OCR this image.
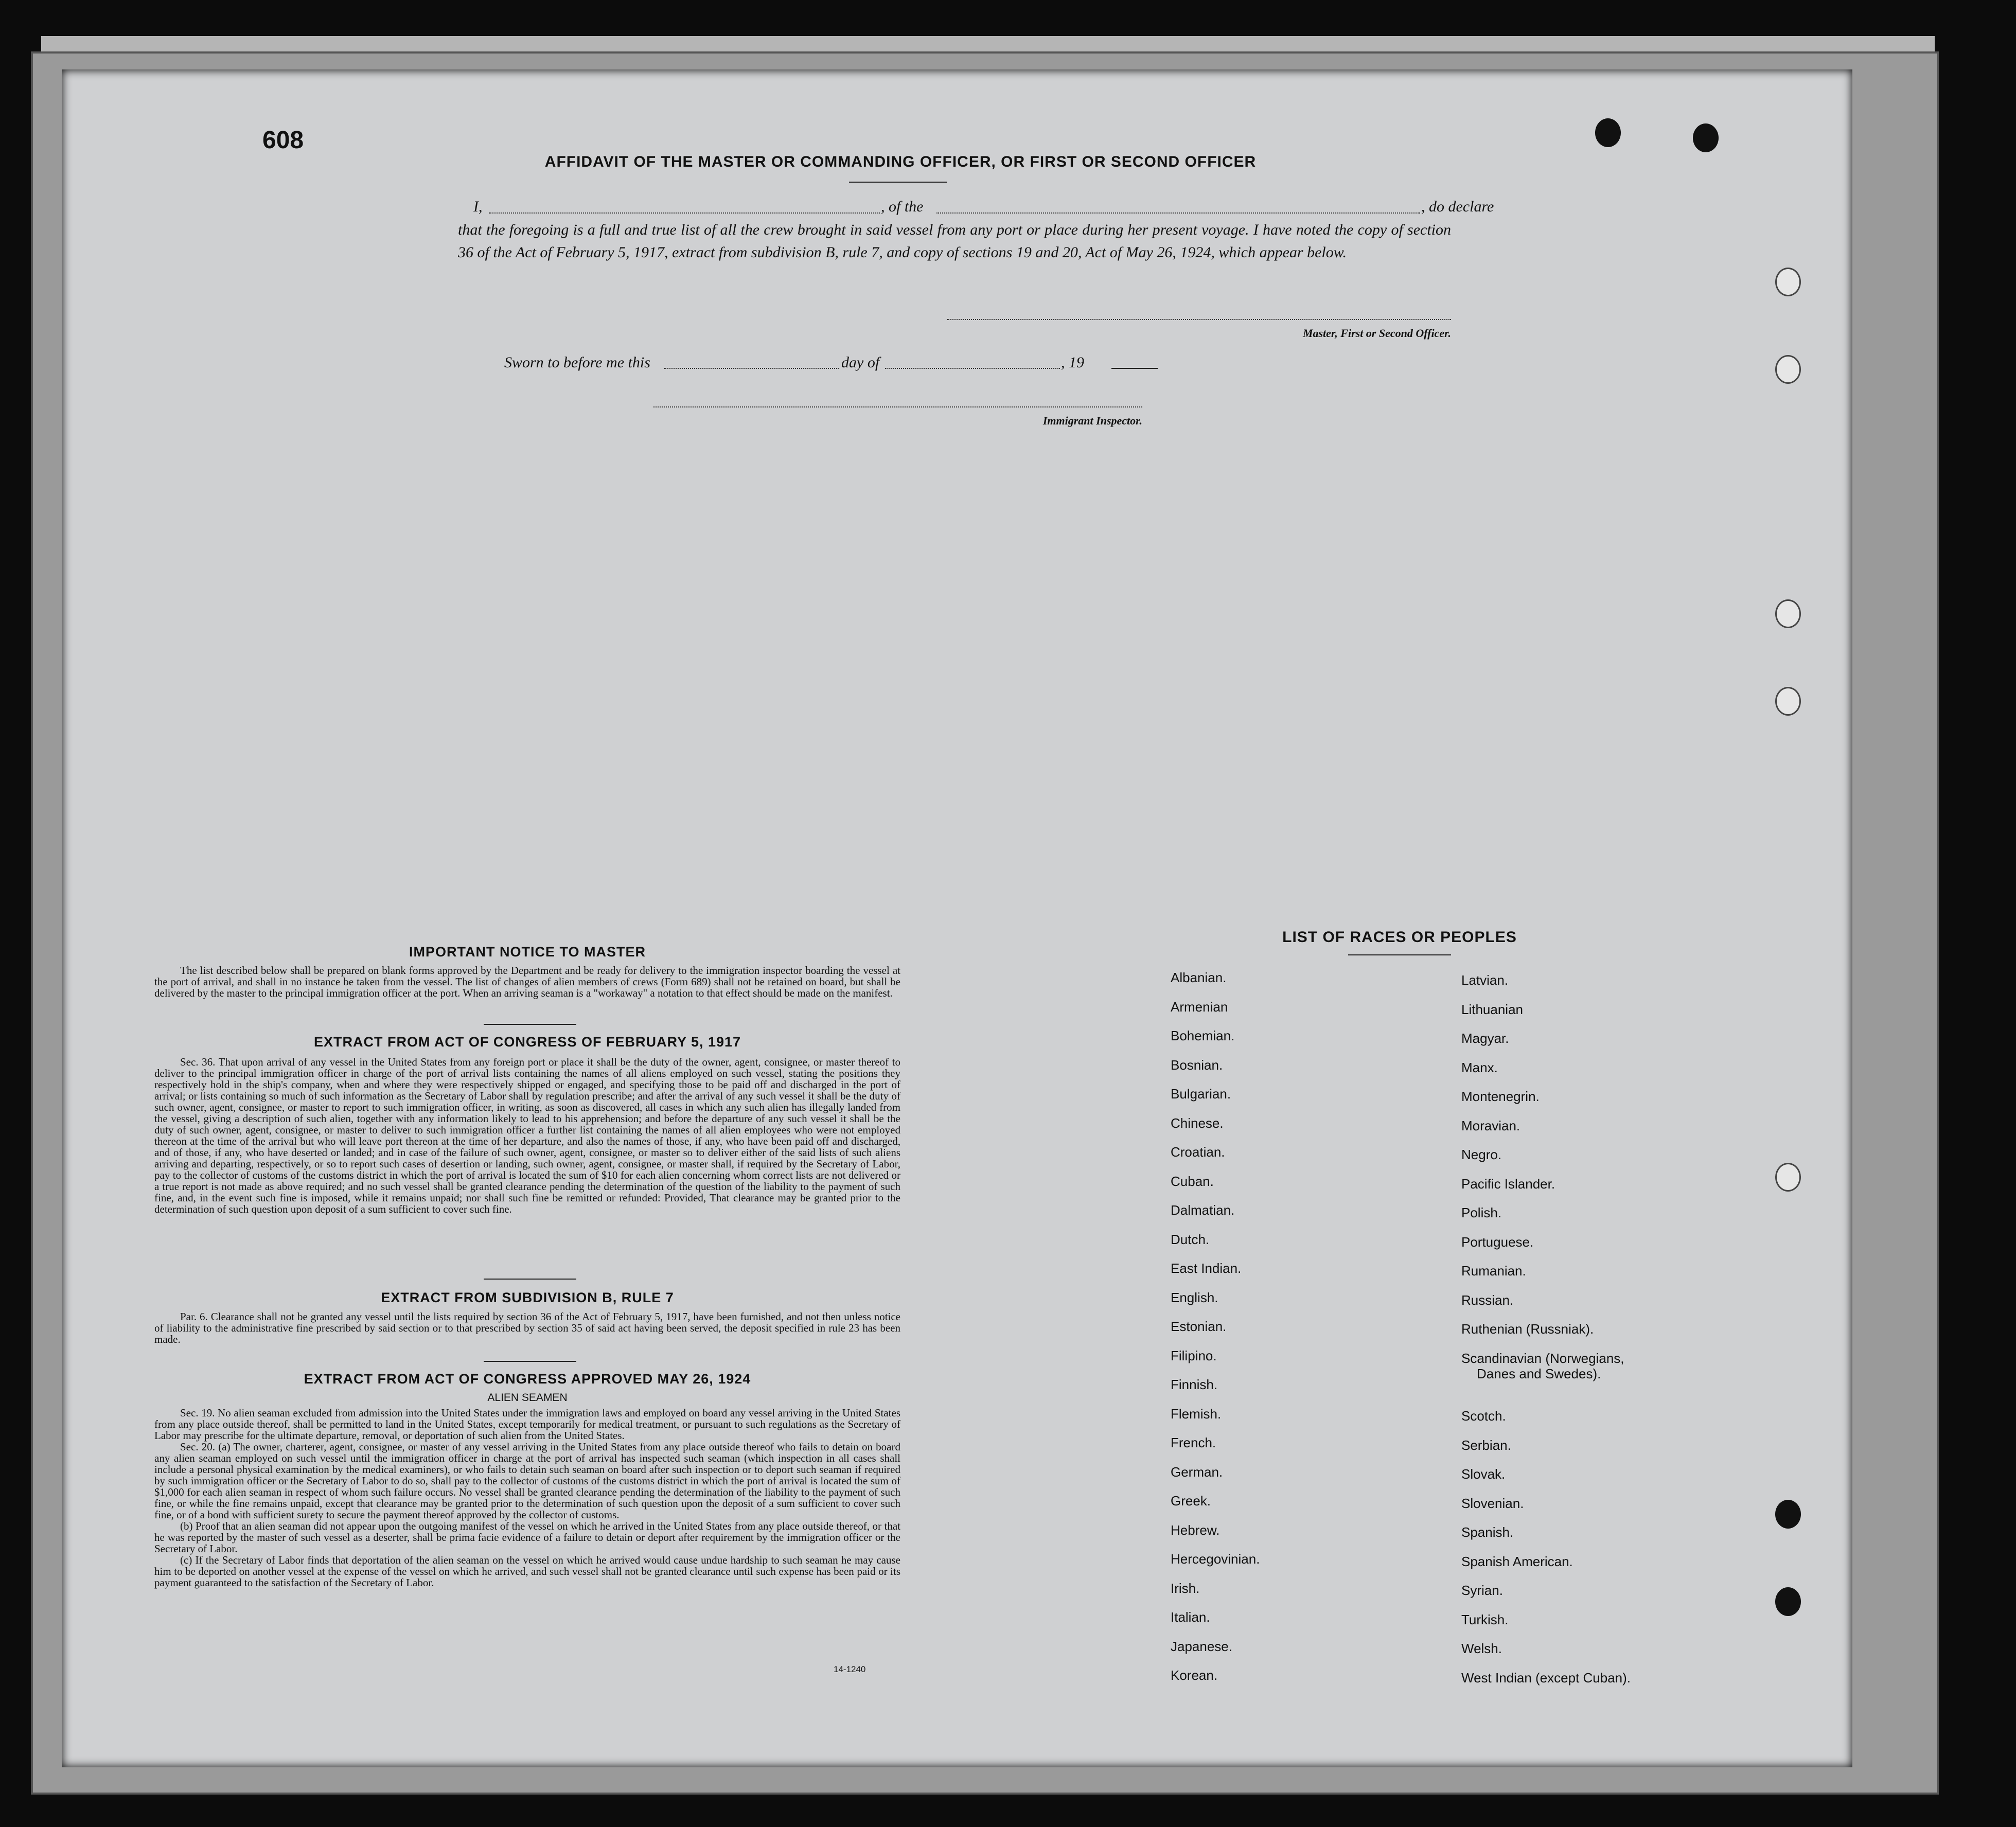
608
AFFIDAVIT OF THE MASTER OR COMMANDING OFFICER, OR FIRST OR SECOND OFFICER
I,	, of the	, do declare
that the foregoing is a full and true list of all the crew brought in said vessel from any port or place during her present voyage. I have noted the copy of section 36 of the Act of February 5, 1917, extract from subdivision B, rule 7, and copy of sections 19 and 20, Act of May 26, 1924, which appear below.
Master, First or Second Officer.
Sworn to before me this	day of	, 19
Immigrant Inspector.
IMPORTANT NOTICE TO MASTER
The list described below shall be prepared on blank forms approved by the Department and be ready for delivery to the immigration inspector boarding the vessel at the port of arrival, and shall in no instance be taken from the vessel. The list of changes of alien members of crews (Form 689) shall not be retained on board, but shall be delivered by the master to the principal immigration officer at the port. When an arriving seaman is a "workaway" a notation to that effect should be made on the manifest.
EXTRACT FROM ACT OF CONGRESS OF FEBRUARY 5, 1917
Sec. 36. That upon arrival of any vessel in the United States from any foreign port or place it shall be the duty of the owner, agent, consignee, or master thereof to deliver to the principal immigration officer in charge of the port of arrival lists containing the names of all aliens employed on such vessel, stating the positions they respectively hold in the ship's company, when and where they were respectively shipped or engaged, and specifying those to be paid off and discharged in the port of arrival; or lists containing so much of such information as the Secretary of Labor shall by regulation prescribe; and after the arrival of any such vessel it shall be the duty of such owner, agent, consignee, or master to report to such immigration officer, in writing, as soon as discovered, all cases in which any such alien has illegally landed from the vessel, giving a description of such alien, together with any information likely to lead to his apprehension; and before the departure of any such vessel it shall be the duty of such owner, agent, consignee, or master to deliver to such immigration officer a further list containing the names of all alien employees who were not employed thereon at the time of the arrival but who will leave port thereon at the time of her departure, and also the names of those, if any, who have been paid off and discharged, and of those, if any, who have deserted or landed; and in case of the failure of such owner, agent, consignee, or master so to deliver either of the said lists of such aliens arriving and departing, respectively, or so to report such cases of desertion or landing, such owner, agent, consignee, or master shall, if required by the Secretary of Labor, pay to the collector of customs of the customs district in which the port of arrival is located the sum of $10 for each alien concerning whom correct lists are not delivered or a true report is not made as above required; and no such vessel shall be granted clearance pending the determination of the question of the liability to the payment of such fine, and, in the event such fine is imposed, while it remains unpaid; nor shall such fine be remitted or refunded: Provided, That clearance may be granted prior to the determination of such question upon deposit of a sum sufficient to cover such fine.
EXTRACT FROM SUBDIVISION B, RULE 7
Par. 6. Clearance shall not be granted any vessel until the lists required by section 36 of the Act of February 5, 1917, have been furnished, and not then unless notice of liability to the administrative fine prescribed by said section or to that prescribed by section 35 of said act having been served, the deposit specified in rule 23 has been made.
EXTRACT FROM ACT OF CONGRESS APPROVED MAY 26, 1924
ALIEN SEAMEN
Sec. 19. No alien seaman excluded from admission into the United States under the immigration laws and employed on board any vessel arriving in the United States from any place outside thereof, shall be permitted to land in the United States, except temporarily for medical treatment, or pursuant to such regulations as the Secretary of Labor may prescribe for the ultimate departure, removal, or deportation of such alien from the United States.
Sec. 20. (a) The owner, charterer, agent, consignee, or master of any vessel arriving in the United States from any place outside thereof who fails to detain on board any alien seaman employed on such vessel until the immigration officer in charge at the port of arrival has inspected such seaman (which inspection in all cases shall include a personal physical examination by the medical examiners), or who fails to detain such seaman on board after such inspection or to deport such seaman if required by such immigration officer or the Secretary of Labor to do so, shall pay to the collector of customs of the customs district in which the port of arrival is located the sum of $1,000 for each alien seaman in respect of whom such failure occurs. No vessel shall be granted clearance pending the determination of the liability to the payment of such fine, or while the fine remains unpaid, except that clearance may be granted prior to the determination of such question upon the deposit of a sum sufficient to cover such fine, or of a bond with sufficient surety to secure the payment thereof approved by the collector of customs.
(b) Proof that an alien seaman did not appear upon the outgoing manifest of the vessel on which he arrived in the United States from any place outside thereof, or that he was reported by the master of such vessel as a deserter, shall be prima facie evidence of a failure to detain or deport after requirement by the immigration officer or the Secretary of Labor.
(c) If the Secretary of Labor finds that deportation of the alien seaman on the vessel on which he arrived would cause undue hardship to such seaman he may cause him to be deported on another vessel at the expense of the vessel on which he arrived, and such vessel shall not be granted clearance until such expense has been paid or its payment guaranteed to the satisfaction of the Secretary of Labor.
14-1240
LIST OF RACES OR PEOPLES
Albanian.
Armenian
Bohemian.
Bosnian.
Bulgarian.
Chinese.
Croatian.
Cuban.
Dalmatian.
Dutch.
East Indian.
English.
Estonian.
Filipino.
Finnish.
Flemish.
French.
German.
Greek.
Hebrew.
Hercegovinian.
Irish.
Italian.
Japanese.
Korean.
Latvian.
Lithuanian
Magyar.
Manx.
Montenegrin.
Moravian.
Negro.
Pacific Islander.
Polish.
Portuguese.
Rumanian.
Russian.
Ruthenian (Russniak).
Scandinavian (Norwegians,
Danes and Swedes).
Scotch.
Serbian.
Slovak.
Slovenian.
Spanish.
Spanish American.
Syrian.
Turkish.
Welsh.
West Indian (except Cuban).
